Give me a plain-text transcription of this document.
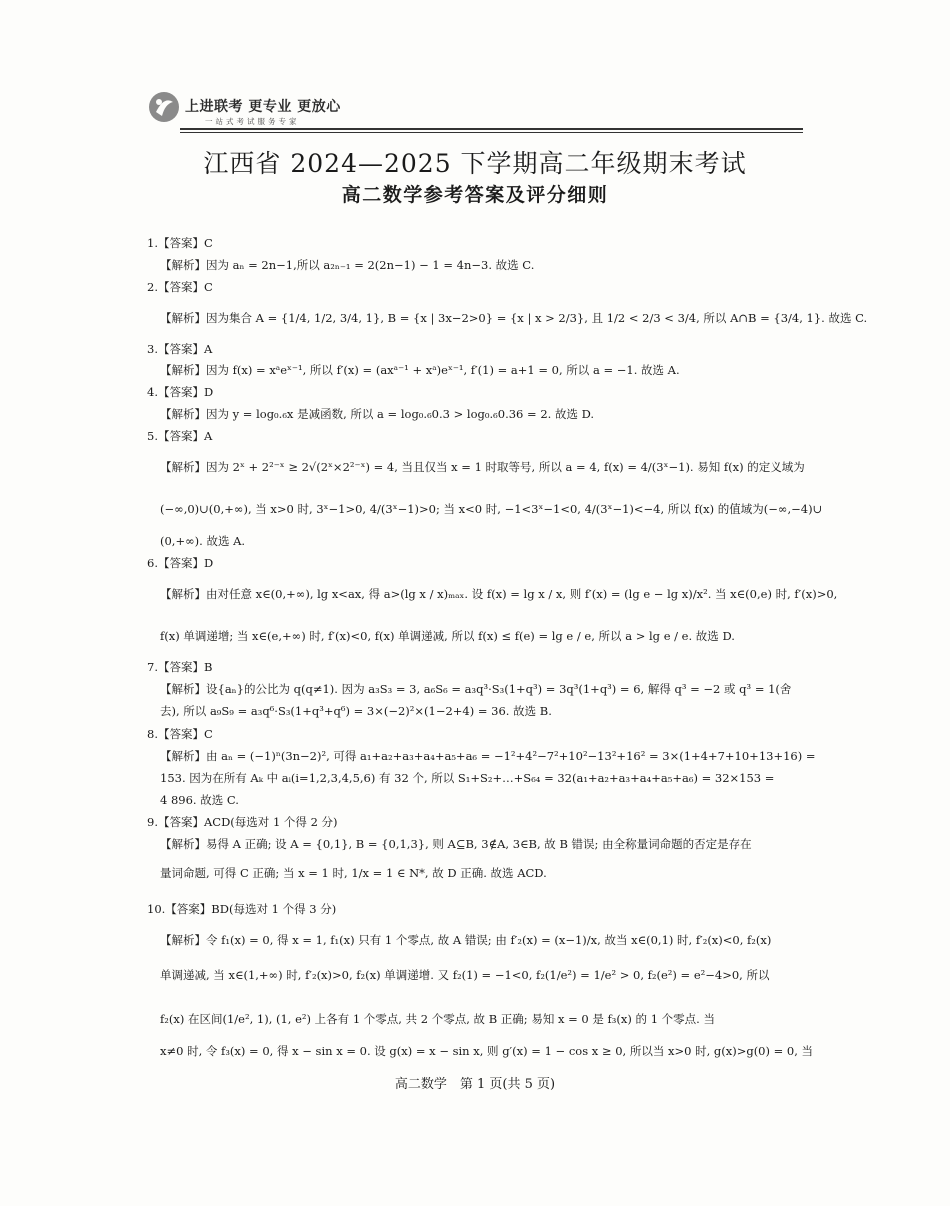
上进联考 更专业 更放心
一站式考试服务专家
江西省 2024—2025 下学期高二年级期末考试
高二数学参考答案及评分细则
1.【答案】C
【解析】因为 aₙ = 2n−1,所以 a₂ₙ₋₁ = 2(2n−1) − 1 = 4n−3. 故选 C.
2.【答案】C
【解析】因为集合 A = {1/4, 1/2, 3/4, 1}, B = {x | 3x−2>0} = {x | x > 2/3}, 且 1/2 < 2/3 < 3/4, 所以 A∩B = {3/4, 1}. 故选 C.
3.【答案】A
【解析】因为 f(x) = xᵃeˣ⁻¹, 所以 f′(x) = (axᵃ⁻¹ + xᵃ)eˣ⁻¹, f′(1) = a+1 = 0, 所以 a = −1. 故选 A.
4.【答案】D
【解析】因为 y = log₀.₆x 是减函数, 所以 a = log₀.₆0.3 > log₀.₆0.36 = 2. 故选 D.
5.【答案】A
【解析】因为 2ˣ + 2²⁻ˣ ≥ 2√(2ˣ×2²⁻ˣ) = 4, 当且仅当 x = 1 时取等号, 所以 a = 4, f(x) = 4/(3ˣ−1). 易知 f(x) 的定义域为
(−∞,0)∪(0,+∞), 当 x>0 时, 3ˣ−1>0, 4/(3ˣ−1)>0; 当 x<0 时, −1<3ˣ−1<0, 4/(3ˣ−1)<−4, 所以 f(x) 的值域为(−∞,−4)∪
(0,+∞). 故选 A.
6.【答案】D
【解析】由对任意 x∈(0,+∞), lg x<ax, 得 a>(lg x / x)ₘₐₓ. 设 f(x) = lg x / x, 则 f′(x) = (lg e − lg x)/x². 当 x∈(0,e) 时, f′(x)>0,
f(x) 单调递增; 当 x∈(e,+∞) 时, f′(x)<0, f(x) 单调递减, 所以 f(x) ≤ f(e) = lg e / e, 所以 a > lg e / e. 故选 D.
7.【答案】B
【解析】设{aₙ}的公比为 q(q≠1). 因为 a₃S₃ = 3, a₆S₆ = a₃q³·S₃(1+q³) = 3q³(1+q³) = 6, 解得 q³ = −2 或 q³ = 1(舍
去), 所以 a₉S₉ = a₃q⁶·S₃(1+q³+q⁶) = 3×(−2)²×(1−2+4) = 36. 故选 B.
8.【答案】C
【解析】由 aₙ = (−1)ⁿ(3n−2)², 可得 a₁+a₂+a₃+a₄+a₅+a₆ = −1²+4²−7²+10²−13²+16² = 3×(1+4+7+10+13+16) =
153. 因为在所有 Aₖ 中 aᵢ(i=1,2,3,4,5,6) 有 32 个, 所以 S₁+S₂+…+S₆₄ = 32(a₁+a₂+a₃+a₄+a₅+a₆) = 32×153 =
4 896. 故选 C.
9.【答案】ACD(每选对 1 个得 2 分)
【解析】易得 A 正确; 设 A = {0,1}, B = {0,1,3}, 则 A⊆B, 3∉A, 3∈B, 故 B 错误; 由全称量词命题的否定是存在
量词命题, 可得 C 正确; 当 x = 1 时, 1/x = 1 ∈ N*, 故 D 正确. 故选 ACD.
10.【答案】BD(每选对 1 个得 3 分)
【解析】令 f₁(x) = 0, 得 x = 1, f₁(x) 只有 1 个零点, 故 A 错误; 由 f′₂(x) = (x−1)/x, 故当 x∈(0,1) 时, f′₂(x)<0, f₂(x)
单调递减, 当 x∈(1,+∞) 时, f′₂(x)>0, f₂(x) 单调递增. 又 f₂(1) = −1<0, f₂(1/e²) = 1/e² > 0, f₂(e²) = e²−4>0, 所以
f₂(x) 在区间(1/e², 1), (1, e²) 上各有 1 个零点, 共 2 个零点, 故 B 正确; 易知 x = 0 是 f₃(x) 的 1 个零点. 当
x≠0 时, 令 f₃(x) = 0, 得 x − sin x = 0. 设 g(x) = x − sin x, 则 g′(x) = 1 − cos x ≥ 0, 所以当 x>0 时, g(x)>g(0) = 0, 当
高二数学　第 1 页(共 5 页)
